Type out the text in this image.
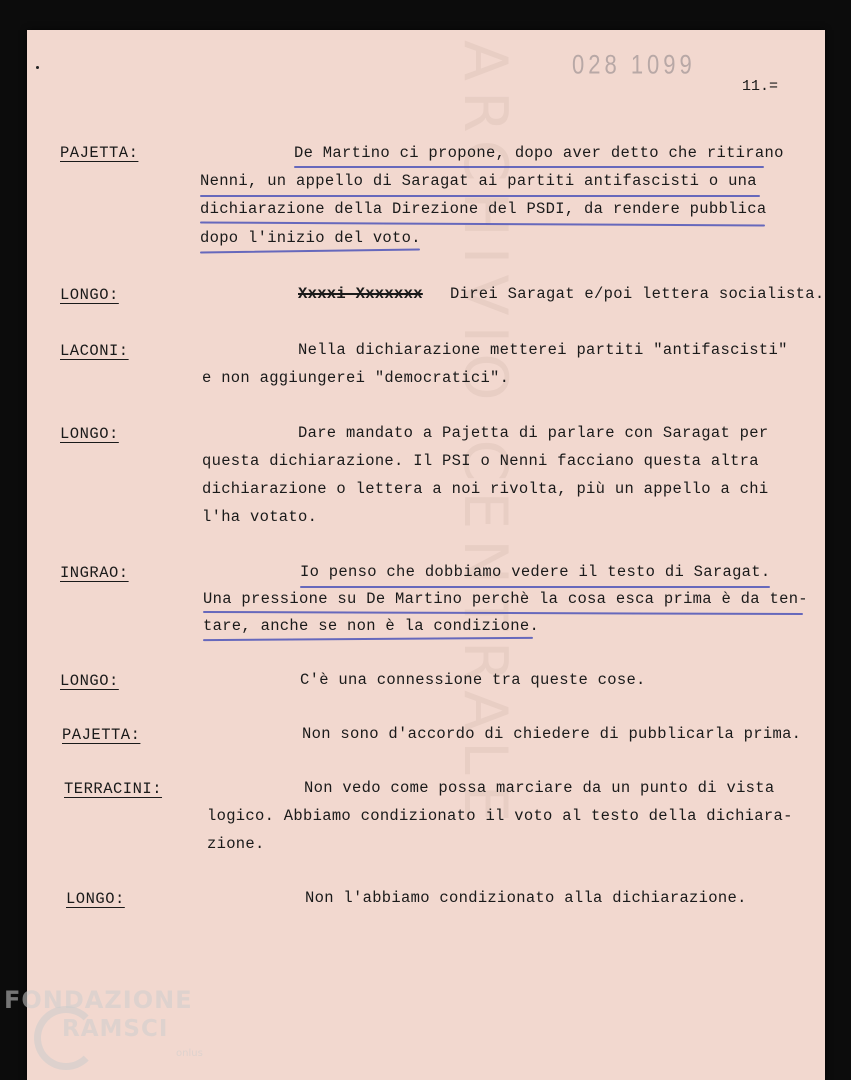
028 1099
11.=
PAJETTA:	De Martino ci propone, dopo aver detto che ritirano
Nenni, un appello di Saragat ai partiti antifascisti o una
dichiarazione della Direzione del PSDI, da rendere pubblica
dopo l'inizio del voto.
LONGO:	Xxxxi Xxxxxxx Direi Saragat e/poi lettera socialista.
LACONI:	Nella dichiarazione metterei partiti "antifascisti"
e non aggiungerei "democratici".
LONGO:	Dare mandato a Pajetta di parlare con Saragat per
questa dichiarazione. Il PSI o Nenni facciano questa altra
dichiarazione o lettera a noi rivolta, più un appello a chi
l'ha votato.
INGRAO:	Io penso che dobbiamo vedere il testo di Saragat.
Una pressione su De Martino perchè la cosa esca prima è da ten-
tare, anche se non è la condizione.
LONGO:	C'è una connessione tra queste cose.
PAJETTA:	Non sono d'accordo di chiedere di pubblicarla prima.
TERRACINI:	Non vedo come possa marciare da un punto di vista
logico. Abbiamo condizionato il voto al testo della dichiara-
zione.
LONGO:	Non l'abbiamo condizionato alla dichiarazione.
FONDAZIONE
RAMSCI
onlus
